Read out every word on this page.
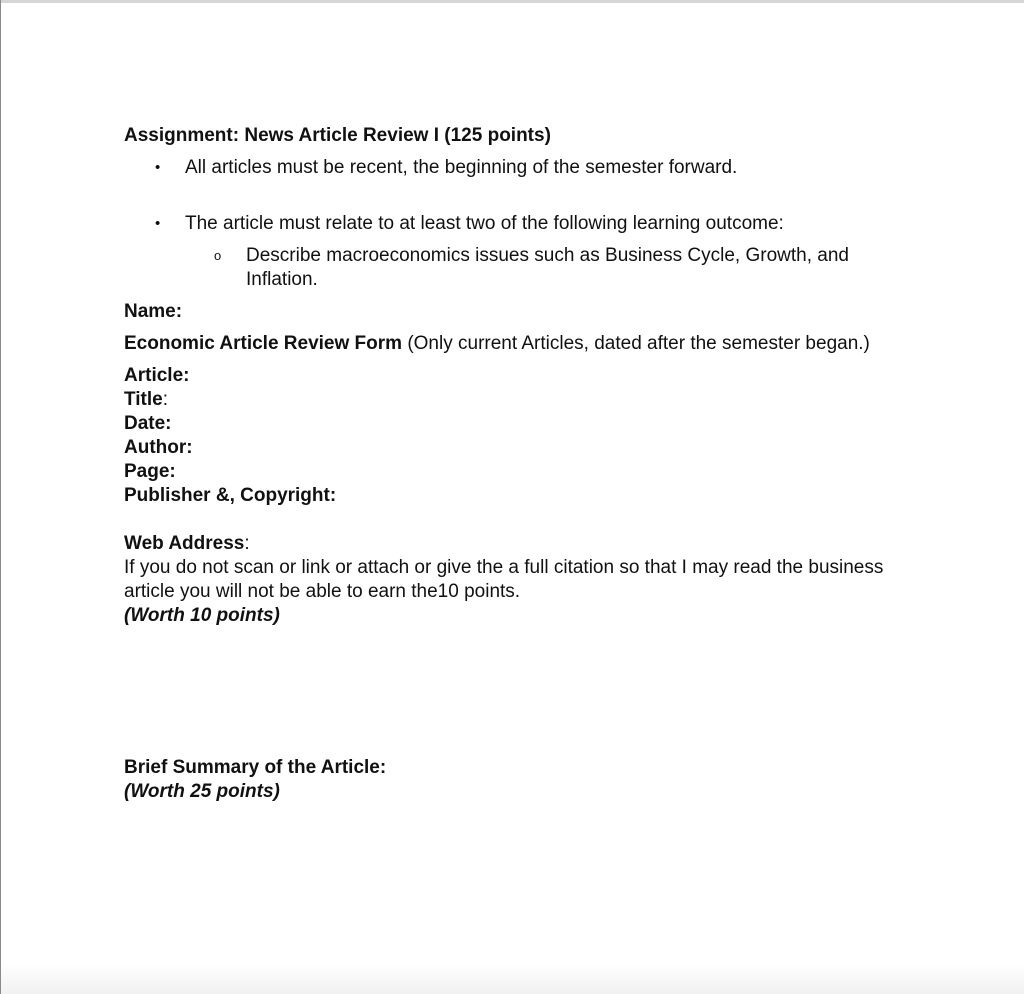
Assignment: News Article Review I (125 points)

• All articles must be recent, the beginning of the semester forward.
• The article must relate to at least two of the following learning outcome:
o Describe macroeconomics issues such as Business Cycle, Growth, and Inflation.

Name:

Economic Article Review Form (Only current Articles, dated after the semester began.)

Article:

Title:

Date:

Author:

Page:

Publisher &, Copyright:

Web Address:

If you do not scan or link or attach or give the a full citation so that I may read the business article you will not be able to earn the10 points.

(Worth 10 points)

Brief Summary of the Article:

(Worth 25 points)
